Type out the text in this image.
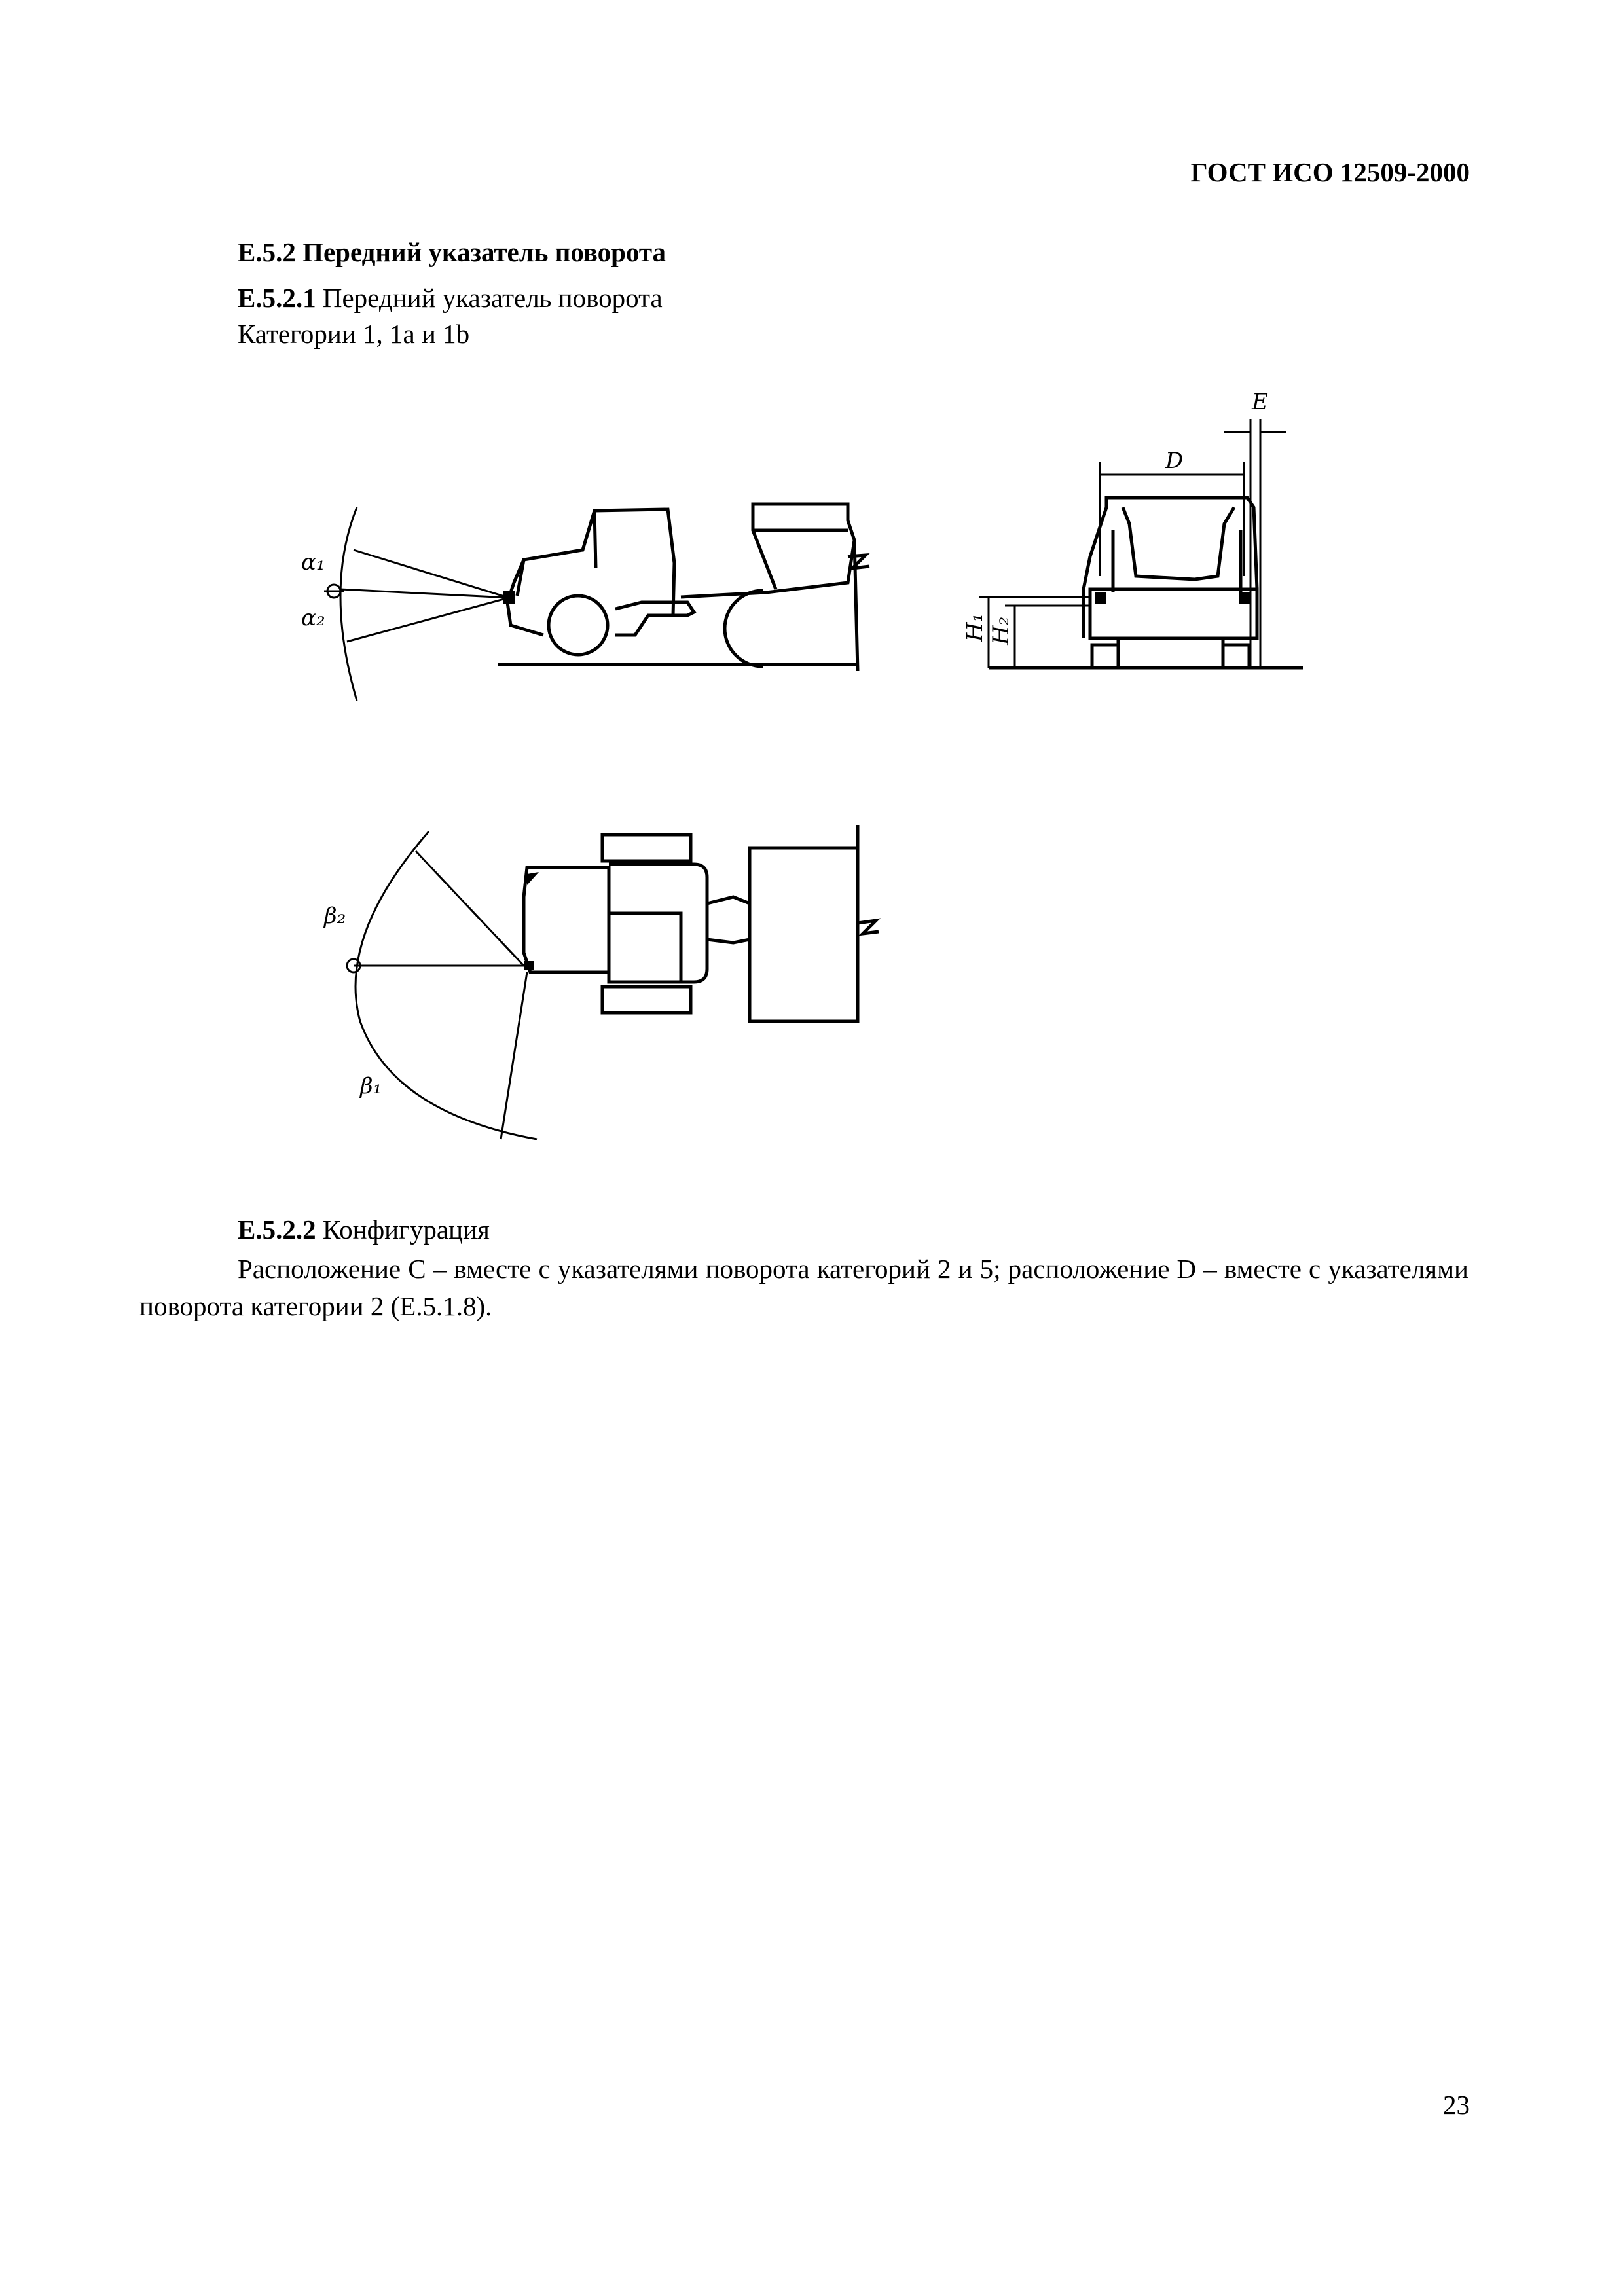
ГОСТ ИСО 12509-2000
Е.5.2 Передний указатель поворота
Е.5.2.1 Передний указатель поворота
Категории 1, 1а и 1b
α₁
α₂
D
E
H₁ H₂
β₂
β₁
Е.5.2.2 Конфигурация
Расположение С – вместе с указателями поворота категорий 2 и 5; расположение D – вместе с указателями поворота категории 2 (Е.5.1.8).
23
